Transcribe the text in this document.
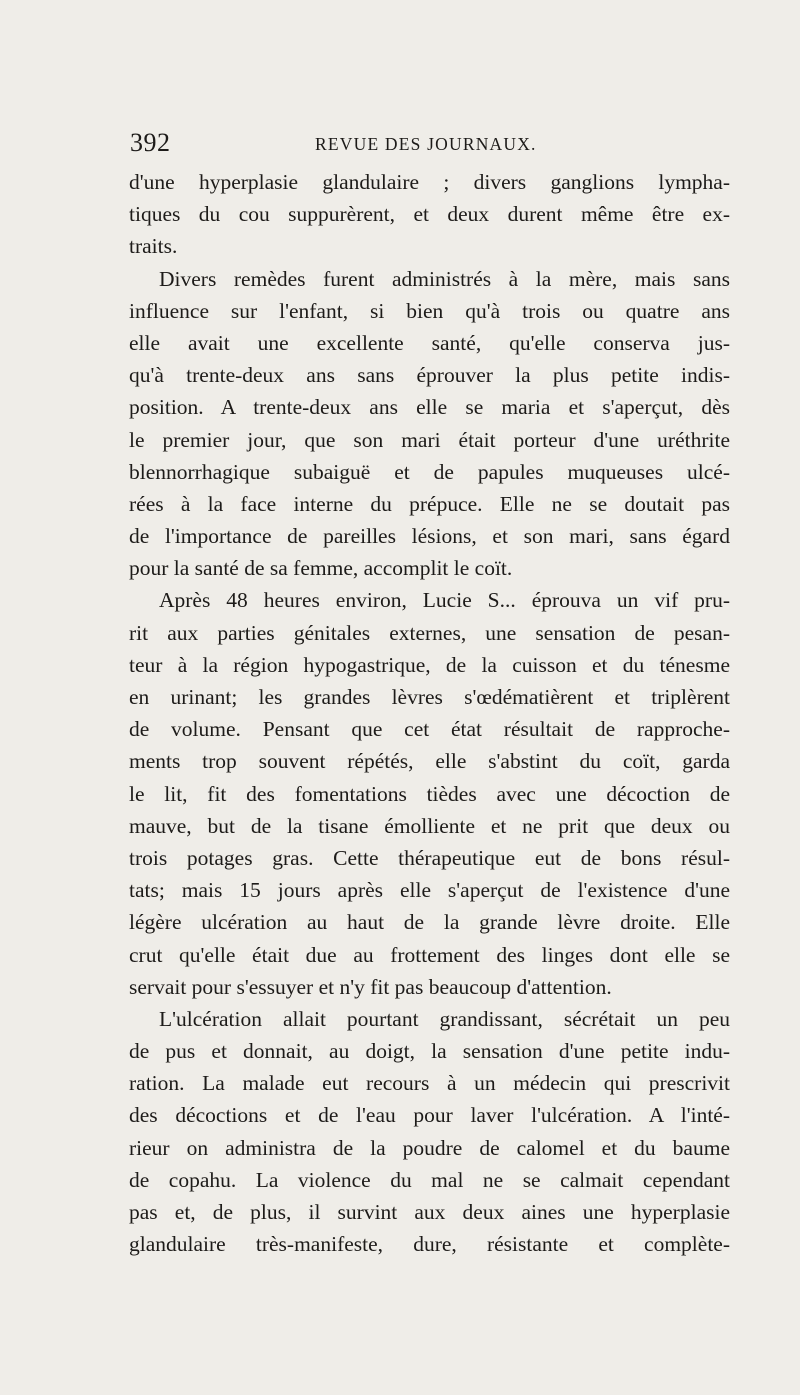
392	REVUE DES JOURNAUX.
d'une hyperplasie glandulaire ; divers ganglions lympha-
tiques du cou suppurèrent, et deux durent même être ex-
traits.
Divers remèdes furent administrés à la mère, mais sans
influence sur l'enfant, si bien qu'à trois ou quatre ans
elle avait une excellente santé, qu'elle conserva jus-
qu'à trente-deux ans sans éprouver la plus petite indis-
position. A trente-deux ans elle se maria et s'aperçut, dès
le premier jour, que son mari était porteur d'une uréthrite
blennorrhagique subaiguë et de papules muqueuses ulcé-
rées à la face interne du prépuce. Elle ne se doutait pas
de l'importance de pareilles lésions, et son mari, sans égard
pour la santé de sa femme, accomplit le coït.
Après 48 heures environ, Lucie S... éprouva un vif pru-
rit aux parties génitales externes, une sensation de pesan-
teur à la région hypogastrique, de la cuisson et du ténesme
en urinant; les grandes lèvres s'œdématièrent et triplèrent
de volume. Pensant que cet état résultait de rapproche-
ments trop souvent répétés, elle s'abstint du coït, garda
le lit, fit des fomentations tièdes avec une décoction de
mauve, but de la tisane émolliente et ne prit que deux ou
trois potages gras. Cette thérapeutique eut de bons résul-
tats; mais 15 jours après elle s'aperçut de l'existence d'une
légère ulcération au haut de la grande lèvre droite. Elle
crut qu'elle était due au frottement des linges dont elle se
servait pour s'essuyer et n'y fit pas beaucoup d'attention.
L'ulcération allait pourtant grandissant, sécrétait un peu
de pus et donnait, au doigt, la sensation d'une petite indu-
ration. La malade eut recours à un médecin qui prescrivit
des décoctions et de l'eau pour laver l'ulcération. A l'inté-
rieur on administra de la poudre de calomel et du baume
de copahu. La violence du mal ne se calmait cependant
pas et, de plus, il survint aux deux aines une hyperplasie
glandulaire très-manifeste, dure, résistante et complète-
